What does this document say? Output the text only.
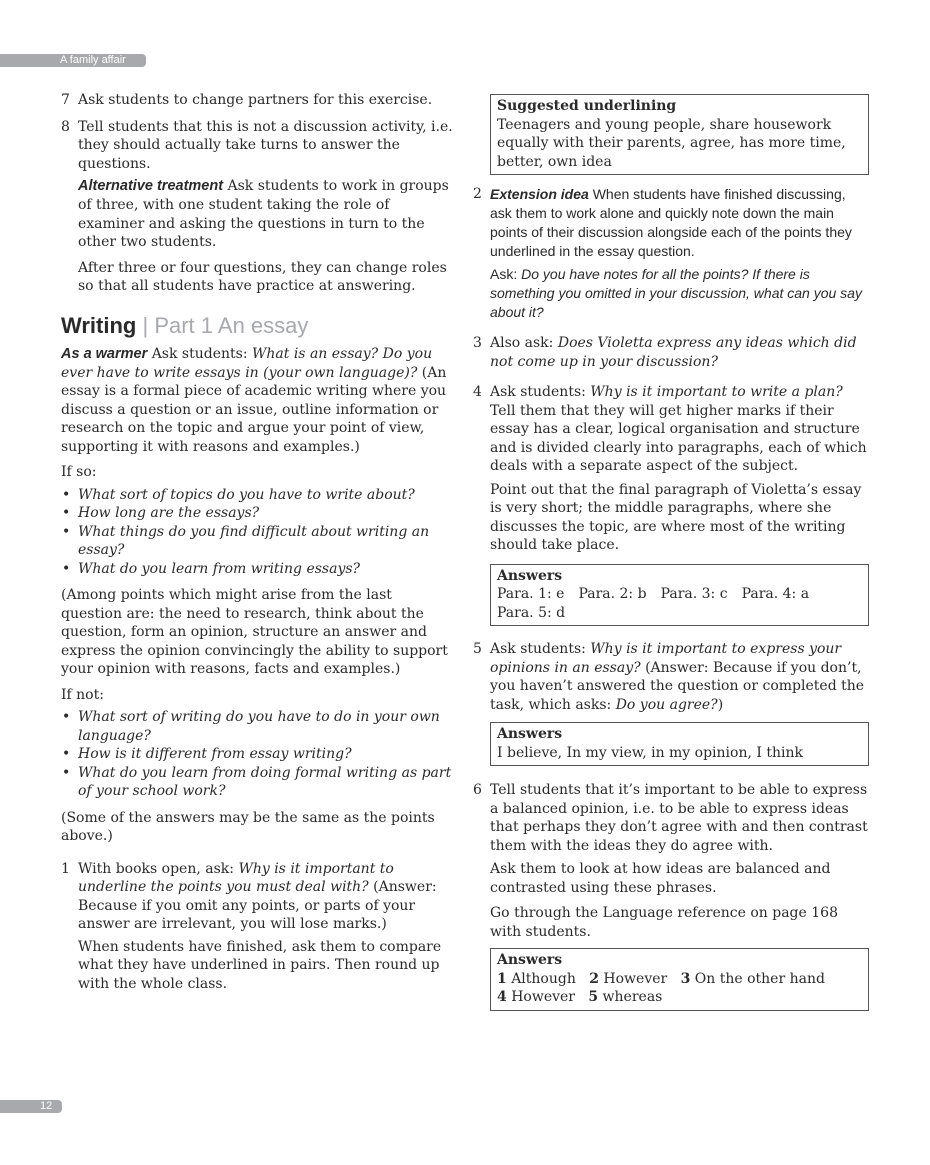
A family affair
12
7 Ask students to change partners for this exercise.
8 Tell students that this is not a discussion activity, i.e. they should actually take turns to answer the questions.

Alternative treatment Ask students to work in groups of three, with one student taking the role of examiner and asking the questions in turn to the other two students.

After three or four questions, they can change roles so that all students have practice at answering.

Writing | Part 1 An essay

As a warmer Ask students: What is an essay? Do you ever have to write essays in (your own language)? (An essay is a formal piece of academic writing where you discuss a question or an issue, outline information or research on the topic and argue your point of view, supporting it with reasons and examples.)

If so:

• What sort of topics do you have to write about?
• How long are the essays?
• What things do you find difficult about writing an essay?
• What do you learn from writing essays?

(Among points which might arise from the last question are: the need to research, think about the question, form an opinion, structure an answer and express the opinion convincingly the ability to support your opinion with reasons, facts and examples.)

If not:

• What sort of writing do you have to do in your own language?
• How is it different from essay writing?
• What do you learn from doing formal writing as part of your school work?

(Some of the answers may be the same as the points above.)

1 With books open, ask: Why is it important to underline the points you must deal with? (Answer: Because if you omit any points, or parts of your answer are irrelevant, you will lose marks.)

When students have finished, ask them to compare what they have underlined in pairs. Then round up with the whole class.

Suggested underlining
Teenagers and young people, share housework equally with their parents, agree, has more time, better, own idea
2 Extension idea When students have finished discussing, ask them to work alone and quickly note down the main points of their discussion alongside each of the points they underlined in the essay question.

Ask: Do you have notes for all the points? If there is something you omitted in your discussion, what can you say about it?

3 Also ask: Does Violetta express any ideas which did not come up in your discussion?
4 Ask students: Why is it important to write a plan? Tell them that they will get higher marks if their essay has a clear, logical organisation and structure and is divided clearly into paragraphs, each of which deals with a separate aspect of the subject.

Point out that the final paragraph of Violetta’s essay is very short; the middle paragraphs, where she discusses the topic, are where most of the writing should take place.

Answers
Para. 1: e Para. 2: b Para. 3: c Para. 4: a
Para. 5: d
5 Ask students: Why is it important to express your opinions in an essay? (Answer: Because if you don’t, you haven’t answered the question or completed the task, which asks: Do you agree?)
Answers
I believe, In my view, in my opinion, I think
6 Tell students that it’s important to be able to express a balanced opinion, i.e. to be able to express ideas that perhaps they don’t agree with and then contrast them with the ideas they do agree with.

Ask them to look at how ideas are balanced and contrasted using these phrases.

Go through the Language reference on page 168 with students.

Answers
1 Although 2 However 3 On the other hand
4 However 5 whereas
